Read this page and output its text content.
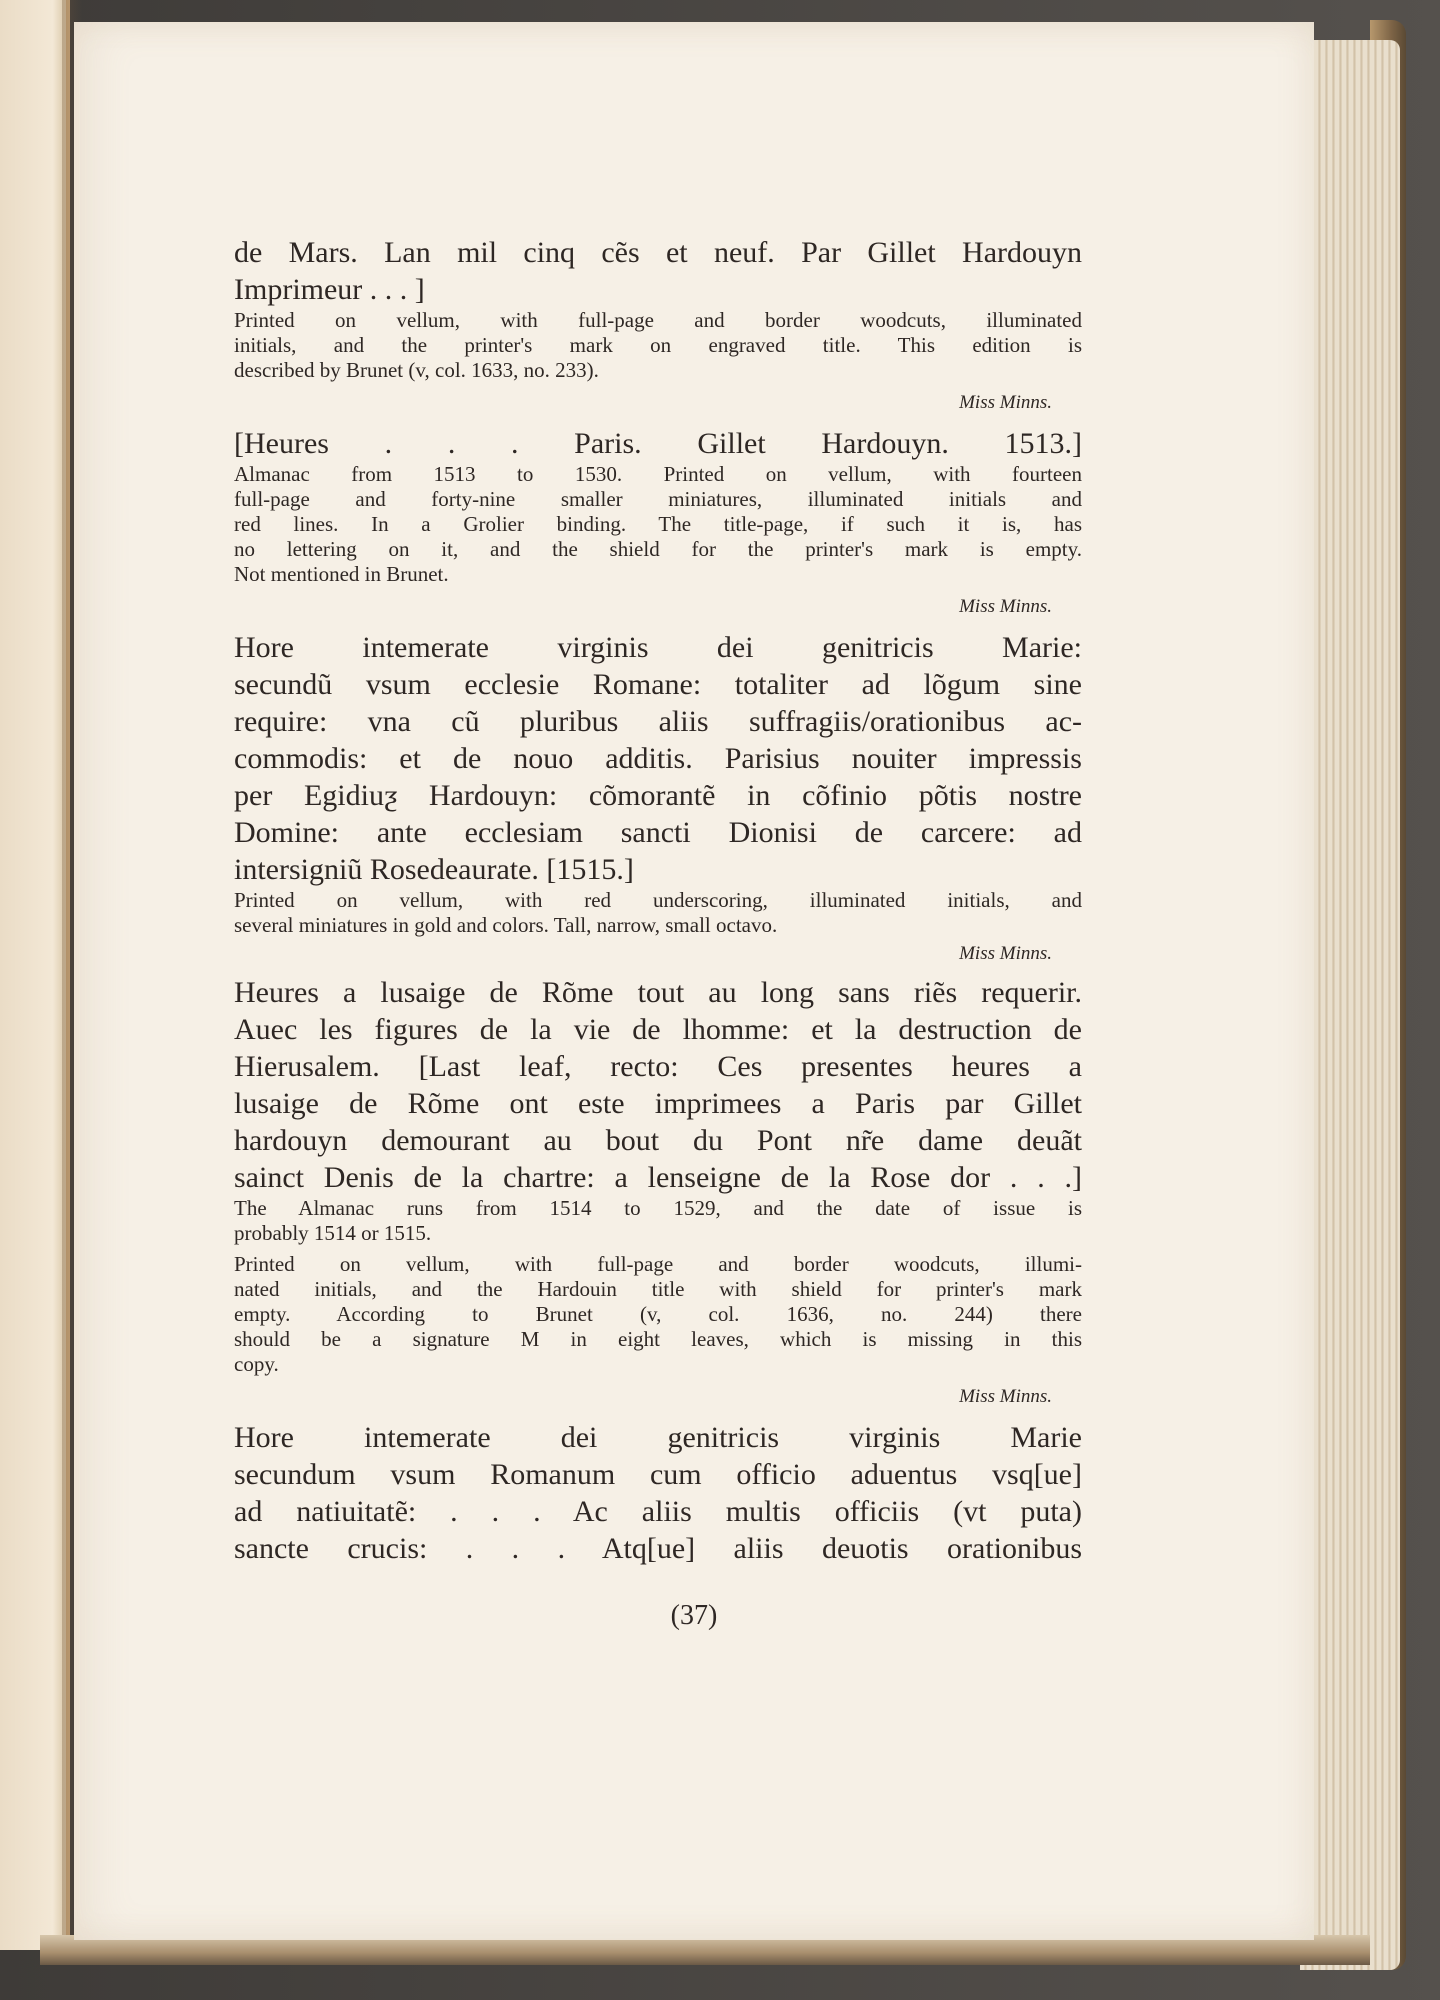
de Mars. Lan mil cinq cẽs et neuf. Par Gillet Hardouyn

Imprimeur . . . ]

Printed on vellum, with full-page and border woodcuts, illuminated

initials, and the printer's mark on engraved title. This edition is

described by Brunet (v, col. 1633, no. 233).

Miss Minns.

[Heures . . . Paris. Gillet Hardouyn. 1513.]

Almanac from 1513 to 1530. Printed on vellum, with fourteen

full-page and forty-nine smaller miniatures, illuminated initials and

red lines. In a Grolier binding. The title-page, if such it is, has

no lettering on it, and the shield for the printer's mark is empty.

Not mentioned in Brunet.

Miss Minns.

Hore intemerate virginis dei genitricis Marie:

secundũ vsum ecclesie Romane: totaliter ad lõgum sine

require: vna cũ pluribus aliis suffragiis/orationibus ac-

commodis: et de nouo additis. Parisius nouiter impressis

per Egidiuƺ Hardouyn: cõmorantẽ in cõfinio põtis nostre

Domine: ante ecclesiam sancti Dionisi de carcere: ad

intersigniũ Rosedeaurate. [1515.]

Printed on vellum, with red underscoring, illuminated initials, and

several miniatures in gold and colors. Tall, narrow, small octavo.

Miss Minns.

Heures a lusaige de Rõme tout au long sans riẽs requerir.

Auec les figures de la vie de lhomme: et la destruction de

Hierusalem. [Last leaf, recto: Ces presentes heures a

lusaige de Rõme ont este imprimees a Paris par Gillet

hardouyn demourant au bout du Pont nr̃e dame deuãt

sainct Denis de la chartre: a lenseigne de la Rose dor . . .]

The Almanac runs from 1514 to 1529, and the date of issue is

probably 1514 or 1515.

Printed on vellum, with full-page and border woodcuts, illumi-

nated initials, and the Hardouin title with shield for printer's mark

empty. According to Brunet (v, col. 1636, no. 244) there

should be a signature M in eight leaves, which is missing in this

copy.

Miss Minns.

Hore intemerate dei genitricis virginis Marie

secundum vsum Romanum cum officio aduentus vsq[ue]

ad natiuitatẽ: . . . Ac aliis multis officiis (vt puta)

sancte crucis: . . . Atq[ue] aliis deuotis orationibus

(37)
